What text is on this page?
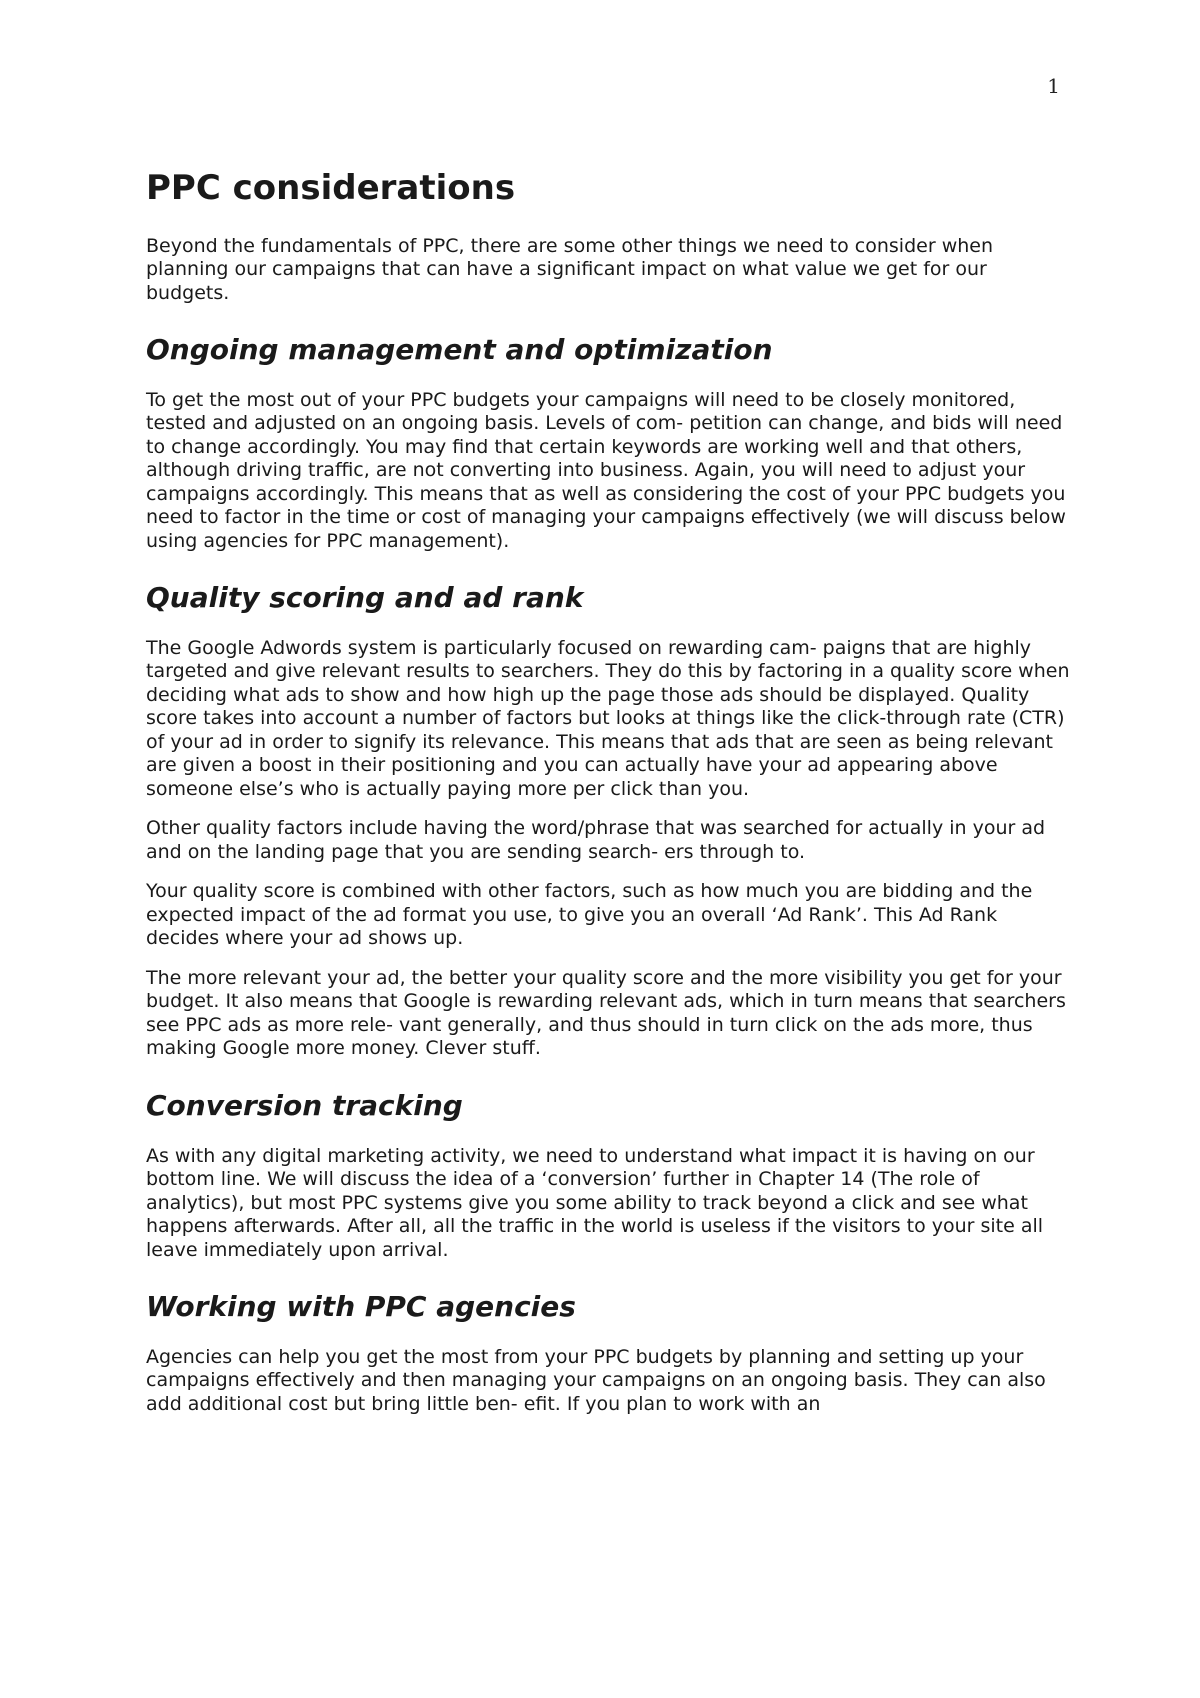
1
PPC considerations

Beyond the fundamentals of PPC, there are some other things we need to consider when planning our campaigns that can have a significant impact on what value we get for our budgets.

Ongoing management and optimization

To get the most out of your PPC budgets your campaigns will need to be closely monitored, tested and adjusted on an ongoing basis. Levels of com- petition can change, and bids will need to change accordingly. You may find that certain keywords are working well and that others, although driving traffic, are not converting into business. Again, you will need to adjust your campaigns accordingly. This means that as well as considering the cost of your PPC budgets you need to factor in the time or cost of managing your campaigns effectively (we will discuss below using agencies for PPC management).

Quality scoring and ad rank

The Google Adwords system is particularly focused on rewarding cam- paigns that are highly targeted and give relevant results to searchers. They do this by factoring in a quality score when deciding what ads to show and how high up the page those ads should be displayed. Quality score takes into account a number of factors but looks at things like the click-through rate (CTR) of your ad in order to signify its relevance. This means that ads that are seen as being relevant are given a boost in their positioning and you can actually have your ad appearing above someone else’s who is actually paying more per click than you.

Other quality factors include having the word/phrase that was searched for actually in your ad and on the landing page that you are sending search- ers through to.

Your quality score is combined with other factors, such as how much you are bidding and the expected impact of the ad format you use, to give you an overall ‘Ad Rank’. This Ad Rank decides where your ad shows up.

The more relevant your ad, the better your quality score and the more visibility you get for your budget. It also means that Google is rewarding relevant ads, which in turn means that searchers see PPC ads as more rele- vant generally, and thus should in turn click on the ads more, thus making Google more money. Clever stuff.

Conversion tracking

As with any digital marketing activity, we need to understand what impact it is having on our bottom line. We will discuss the idea of a ‘conversion’ further in Chapter 14 (The role of analytics), but most PPC systems give you some ability to track beyond a click and see what happens afterwards. After all, all the traffic in the world is useless if the visitors to your site all leave immediately upon arrival.

Working with PPC agencies

Agencies can help you get the most from your PPC budgets by planning and setting up your campaigns effectively and then managing your campaigns on an ongoing basis. They can also add additional cost but bring little ben- efit. If you plan to work with an
